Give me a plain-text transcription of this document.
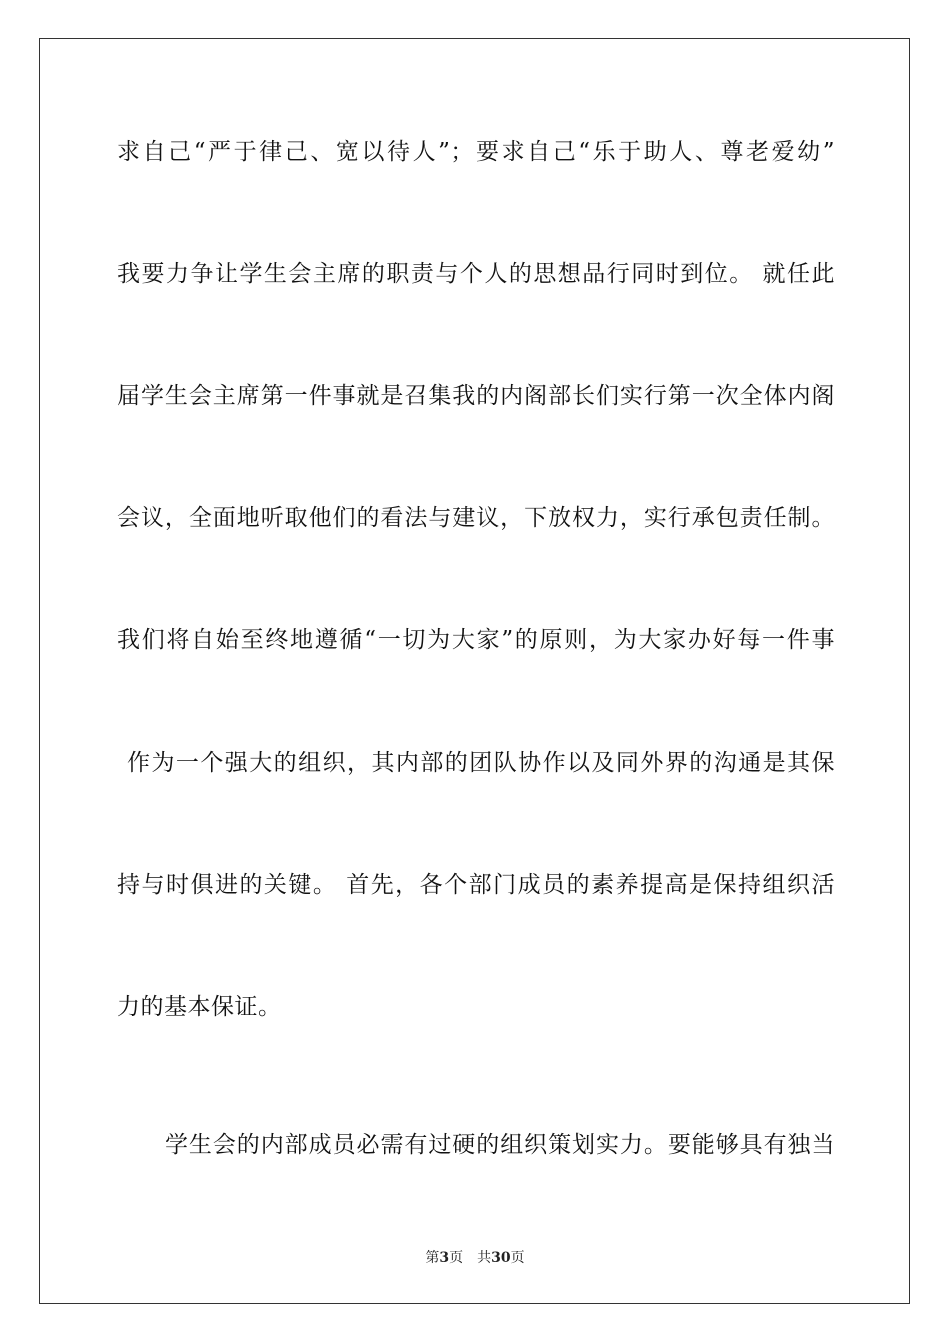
求自己“严于律己、宽以待人”；要求自己“乐于助人、尊老爱幼”
我要力争让学生会主席的职责与个人的思想品行同时到位。 就任此
届学生会主席第一件事就是召集我的内阁部长们实行第一次全体内阁
会议，全面地听取他们的看法与建议，下放权力，实行承包责任制。
我们将自始至终地遵循“一切为大家”的原则，为大家办好每一件事
作为一个强大的组织，其内部的团队协作以及同外界的沟通是其保
持与时俱进的关键。 首先，各个部门成员的素养提高是保持组织活
力的基本保证。
　学生会的内部成员必需有过硬的组织策划实力。要能够具有独当
第3页 共30页
